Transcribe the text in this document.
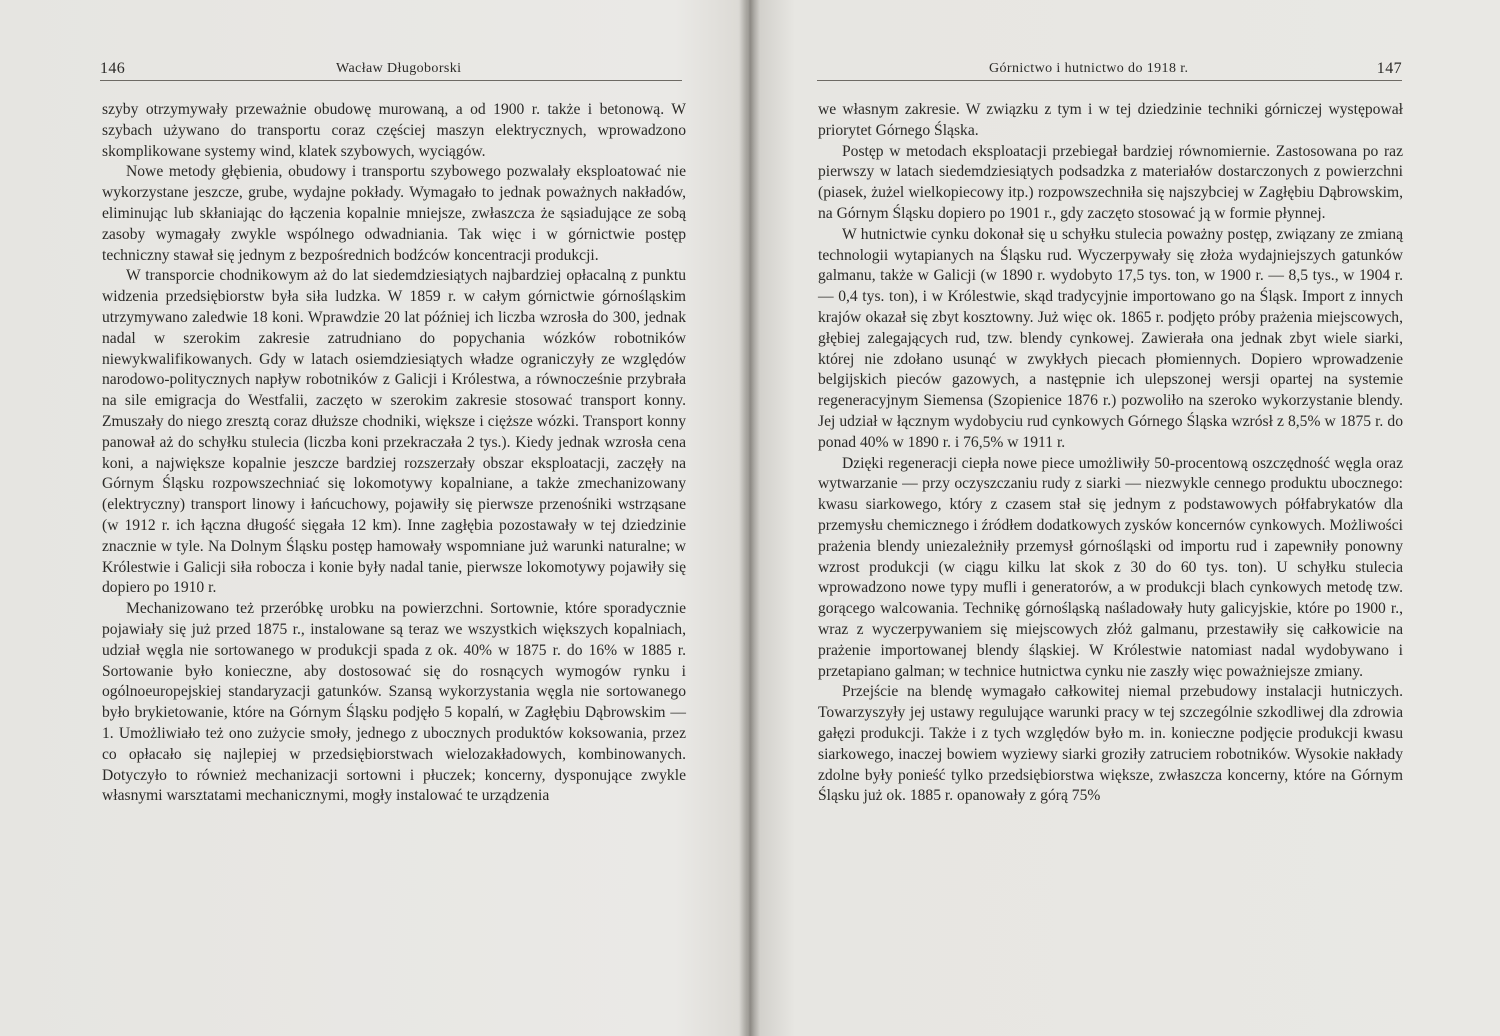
146	Wacław Długoborski

szyby otrzymywały przeważnie obudowę murowaną, a od 1900 r. także i betonową. W szybach używano do transportu coraz częściej maszyn elektrycznych, wprowadzono skomplikowane systemy wind, klatek szybowych, wyciągów.

Nowe metody głębienia, obudowy i transportu szybowego pozwalały eksploatować nie wykorzystane jeszcze, grube, wydajne pokłady. Wymagało to jednak poważnych nakładów, eliminując lub skłaniając do łączenia kopalnie mniejsze, zwłaszcza że sąsiadujące ze sobą zasoby wymagały zwykle wspólnego odwadniania. Tak więc i w górnictwie postęp techniczny stawał się jednym z bezpośrednich bodźców koncentracji produkcji.

W transporcie chodnikowym aż do lat siedemdziesiątych najbardziej opłacalną z punktu widzenia przedsiębiorstw była siła ludzka. W 1859 r. w całym górnictwie górnośląskim utrzymywano zaledwie 18 koni. Wprawdzie 20 lat później ich liczba wzrosła do 300, jednak nadal w szerokim zakresie zatrudniano do popychania wózków robotników niewykwalifikowanych. Gdy w latach osiemdziesiątych władze ograniczyły ze względów narodowo-politycznych napływ robotników z Galicji i Królestwa, a równocześnie przybrała na sile emigracja do Westfalii, zaczęto w szerokim zakresie stosować transport konny. Zmuszały do niego zresztą coraz dłuższe chodniki, większe i cięższe wózki. Transport konny panował aż do schyłku stulecia (liczba koni przekraczała 2 tys.). Kiedy jednak wzrosła cena koni, a największe kopalnie jeszcze bardziej rozszerzały obszar eksploatacji, zaczęły na Górnym Śląsku rozpowszechniać się lokomotywy kopalniane, a także zmechanizowany (elektryczny) transport linowy i łańcuchowy, pojawiły się pierwsze przenośniki wstrząsane (w 1912 r. ich łączna długość sięgała 12 km). Inne zagłębia pozostawały w tej dziedzinie znacznie w tyle. Na Dolnym Śląsku postęp hamowały wspomniane już warunki naturalne; w Królestwie i Galicji siła robocza i konie były nadal tanie, pierwsze lokomotywy pojawiły się dopiero po 1910 r.

Mechanizowano też przeróbkę urobku na powierzchni. Sortownie, które sporadycznie pojawiały się już przed 1875 r., instalowane są teraz we wszystkich większych kopalniach, udział węgla nie sortowanego w produkcji spada z ok. 40% w 1875 r. do 16% w 1885 r. Sortowanie było konieczne, aby dostosować się do rosnących wymogów rynku i ogólnoeuropejskiej standaryzacji gatunków. Szansą wykorzystania węgla nie sortowanego było brykietowanie, które na Górnym Śląsku podjęło 5 kopalń, w Zagłębiu Dąbrowskim — 1. Umożliwiało też ono zużycie smoły, jednego z ubocznych produktów koksowania, przez co opłacało się najlepiej w przedsiębiorstwach wielozakładowych, kombinowanych. Dotyczyło to również mechanizacji sortowni i płuczek; koncerny, dysponujące zwykle własnymi warsztatami mechanicznymi, mogły instalować te urządzenia

Górnictwo i hutnictwo do 1918 r.	147

we własnym zakresie. W związku z tym i w tej dziedzinie techniki górniczej występował priorytet Górnego Śląska.

Postęp w metodach eksploatacji przebiegał bardziej równomiernie. Zastosowana po raz pierwszy w latach siedemdziesiątych podsadzka z materiałów dostarczonych z powierzchni (piasek, żużel wielkopiecowy itp.) rozpowszechniła się najszybciej w Zagłębiu Dąbrowskim, na Górnym Śląsku dopiero po 1901 r., gdy zaczęto stosować ją w formie płynnej.

W hutnictwie cynku dokonał się u schyłku stulecia poważny postęp, związany ze zmianą technologii wytapianych na Śląsku rud. Wyczerpywały się złoża wydajniejszych gatunków galmanu, także w Galicji (w 1890 r. wydobyto 17,5 tys. ton, w 1900 r. — 8,5 tys., w 1904 r. — 0,4 tys. ton), i w Królestwie, skąd tradycyjnie importowano go na Śląsk. Import z innych krajów okazał się zbyt kosztowny. Już więc ok. 1865 r. podjęto próby prażenia miejscowych, głębiej zalegających rud, tzw. blendy cynkowej. Zawierała ona jednak zbyt wiele siarki, której nie zdołano usunąć w zwykłych piecach płomiennych. Dopiero wprowadzenie belgijskich pieców gazowych, a następnie ich ulepszonej wersji opartej na systemie regeneracyjnym Siemensa (Szopienice 1876 r.) pozwoliło na szeroko wykorzystanie blendy. Jej udział w łącznym wydobyciu rud cynkowych Górnego Śląska wzrósł z 8,5% w 1875 r. do ponad 40% w 1890 r. i 76,5% w 1911 r.

Dzięki regeneracji ciepła nowe piece umożliwiły 50-procentową oszczędność węgla oraz wytwarzanie — przy oczyszczaniu rudy z siarki — niezwykle cennego produktu ubocznego: kwasu siarkowego, który z czasem stał się jednym z podstawowych półfabrykatów dla przemysłu chemicznego i źródłem dodatkowych zysków koncernów cynkowych. Możliwości prażenia blendy uniezależniły przemysł górnośląski od importu rud i zapewniły ponowny wzrost produkcji (w ciągu kilku lat skok z 30 do 60 tys. ton). U schyłku stulecia wprowadzono nowe typy mufli i generatorów, a w produkcji blach cynkowych metodę tzw. gorącego walcowania. Technikę górnośląską naśladowały huty galicyjskie, które po 1900 r., wraz z wyczerpywaniem się miejscowych złóż galmanu, przestawiły się całkowicie na prażenie importowanej blendy śląskiej. W Królestwie natomiast nadal wydobywano i przetapiano galman; w technice hutnictwa cynku nie zaszły więc poważniejsze zmiany.

Przejście na blendę wymagało całkowitej niemal przebudowy instalacji hutniczych. Towarzyszyły jej ustawy regulujące warunki pracy w tej szczególnie szkodliwej dla zdrowia gałęzi produkcji. Także i z tych względów było m. in. konieczne podjęcie produkcji kwasu siarkowego, inaczej bowiem wyziewy siarki groziły zatruciem robotników. Wysokie nakłady zdolne były ponieść tylko przedsiębiorstwa większe, zwłaszcza koncerny, które na Górnym Śląsku już ok. 1885 r. opanowały z górą 75%
